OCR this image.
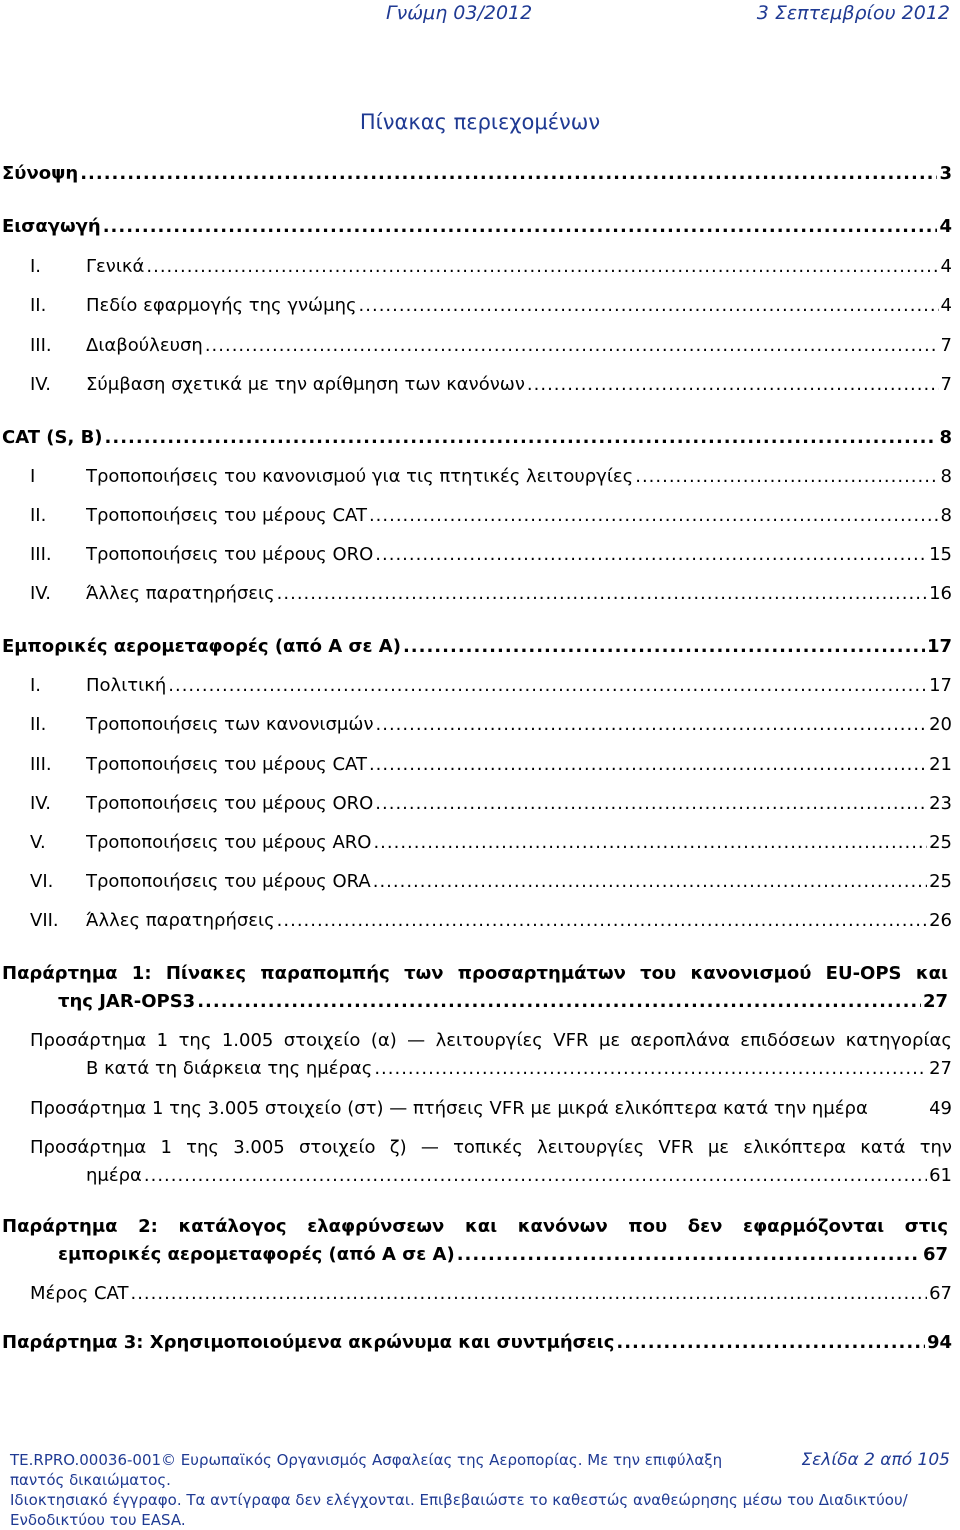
Γνώμη 03/2012	3 Σεπτεμβρίου 2012
Πίνακας περιεχομένων
Σύνοψη .....	3
Εισαγωγή .....	4
I. Γενικά .....	4
II. Πεδίο εφαρμογής της γνώμης .....	4
III. Διαβούλευση .....	7
IV. Σύμβαση σχετικά με την αρίθμηση των κανόνων .....	7
CAT (S, B) .....	8
I	Τροποποιήσεις του κανονισμού για τις πτητικές λειτουργίες .....	8
II. Τροποποιήσεις του μέρους CAT .....	8
III. Τροποποιήσεις του μέρους ORO .....	15
IV. Άλλες παρατηρήσεις .....	16
Εμπορικές αερομεταφορές (από Α σε Α) .....	17
I. Πολιτική .....	17
II. Τροποποιήσεις των κανονισμών .....	20
III. Τροποποιήσεις του μέρους CAT .....	21
IV. Τροποποιήσεις του μέρους ORO .....	23
V. Τροποποιήσεις του μέρους ARO .....	25
VI. Τροποποιήσεις του μέρους ORA .....	25
VII. Άλλες παρατηρήσεις .....	26
Παράρτημα 1: Πίνακες παραπομπής των προσαρτημάτων του κανονισμού EU-OPS και
της JAR-OPS3 .....	27
Προσάρτημα 1 της 1.005 στοιχείο (α) — λειτουργίες VFR με αεροπλάνα επιδόσεων κατηγορίας
Β κατά τη διάρκεια της ημέρας .....	27
Προσάρτημα 1 της 3.005 στοιχείο (στ) — πτήσεις VFR με μικρά ελικόπτερα κατά την ημέρα	49
Προσάρτημα 1 της 3.005 στοιχείο ζ) — τοπικές λειτουργίες VFR με ελικόπτερα κατά την
ημέρα .....	61
Παράρτημα 2: κατάλογος ελαφρύνσεων και κανόνων που δεν εφαρμόζονται στις
εμπορικές αερομεταφορές (από Α σε Α) .....	67
Μέρος CAT .....	67
Παράρτημα 3: Χρησιμοποιούμενα ακρώνυμα και συντμήσεις .....	94
TE.RPRO.00036-001© Ευρωπαϊκός Οργανισμός Ασφαλείας της Αεροπορίας. Με την επιφύλαξη παντός δικαιώματος.
Σελίδα 2 από 105
Ιδιοκτησιακό έγγραφο. Τα αντίγραφα δεν ελέγχονται. Επιβεβαιώστε το καθεστώς αναθεώρησης μέσω του Διαδικτύου/Ενδοδικτύου του EASA.
